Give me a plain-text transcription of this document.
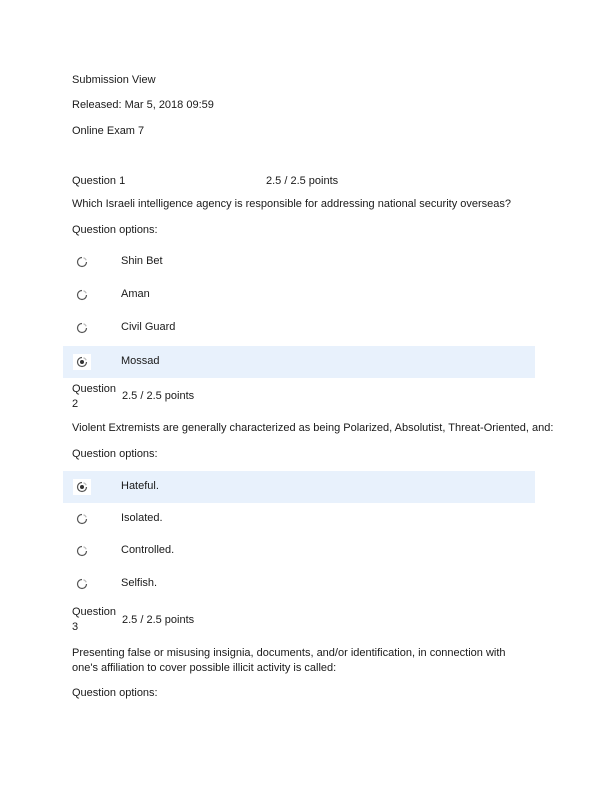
Submission View
Released: Mar 5, 2018 09:59
Online Exam 7
Question 1	2.5 / 2.5 points
Which Israeli intelligence agency is responsible for addressing national security overseas?
Question options:
Shin Bet
Aman
Civil Guard
Mossad
Question
2
2.5 / 2.5 points
Violent Extremists are generally characterized as being Polarized, Absolutist, Threat-Oriented, and:
Question options:
Hateful.
Isolated.
Controlled.
Selfish.
Question
3
2.5 / 2.5 points
Presenting false or misusing insignia, documents, and/or identification, in connection with one's affiliation to cover possible illicit activity is called:
Question options:
